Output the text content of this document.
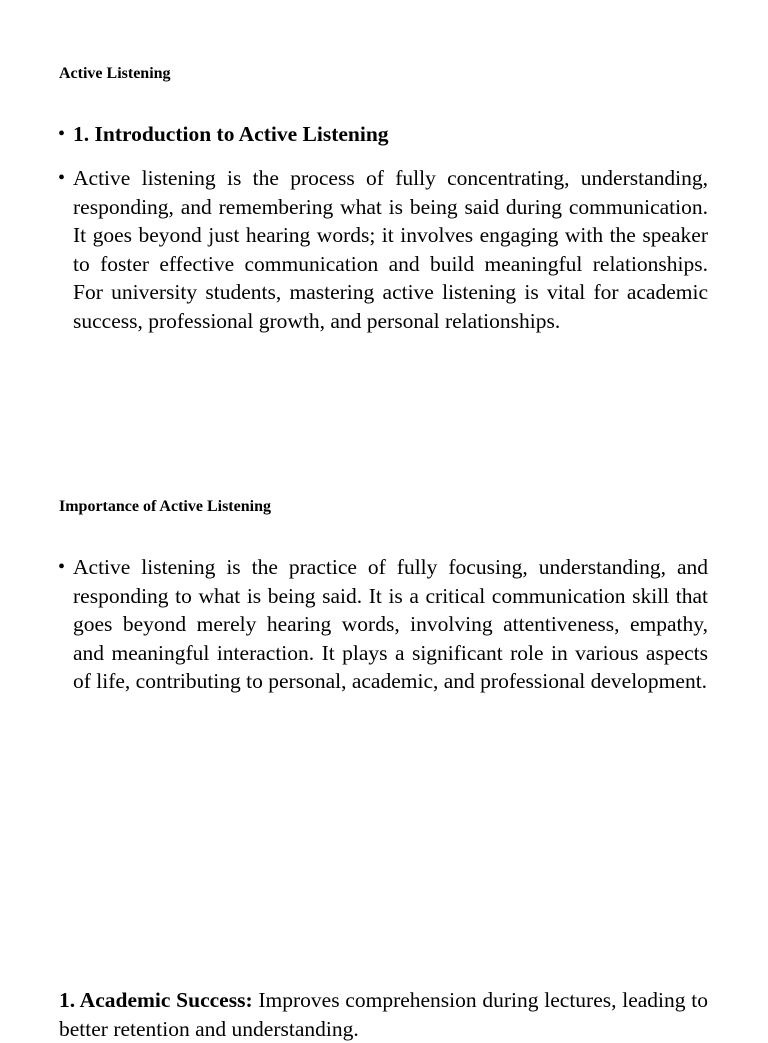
Active Listening
• 1. Introduction to Active Listening

• Active listening is the process of fully concentrating, understanding, responding, and remembering what is being said during communication. It goes beyond just hearing words; it involves engaging with the speaker to foster effective communication and build meaningful relationships. For university students, mastering active listening is vital for academic success, professional growth, and personal relationships.

Importance of Active Listening
• Active listening is the practice of fully focusing, understanding, and responding to what is being said. It is a critical communication skill that goes beyond merely hearing words, involving attentiveness, empathy, and meaningful interaction. It plays a significant role in various aspects of life, contributing to personal, academic, and professional development.

1. Academic Success: Improves comprehension during lectures, leading to better retention and understanding.
